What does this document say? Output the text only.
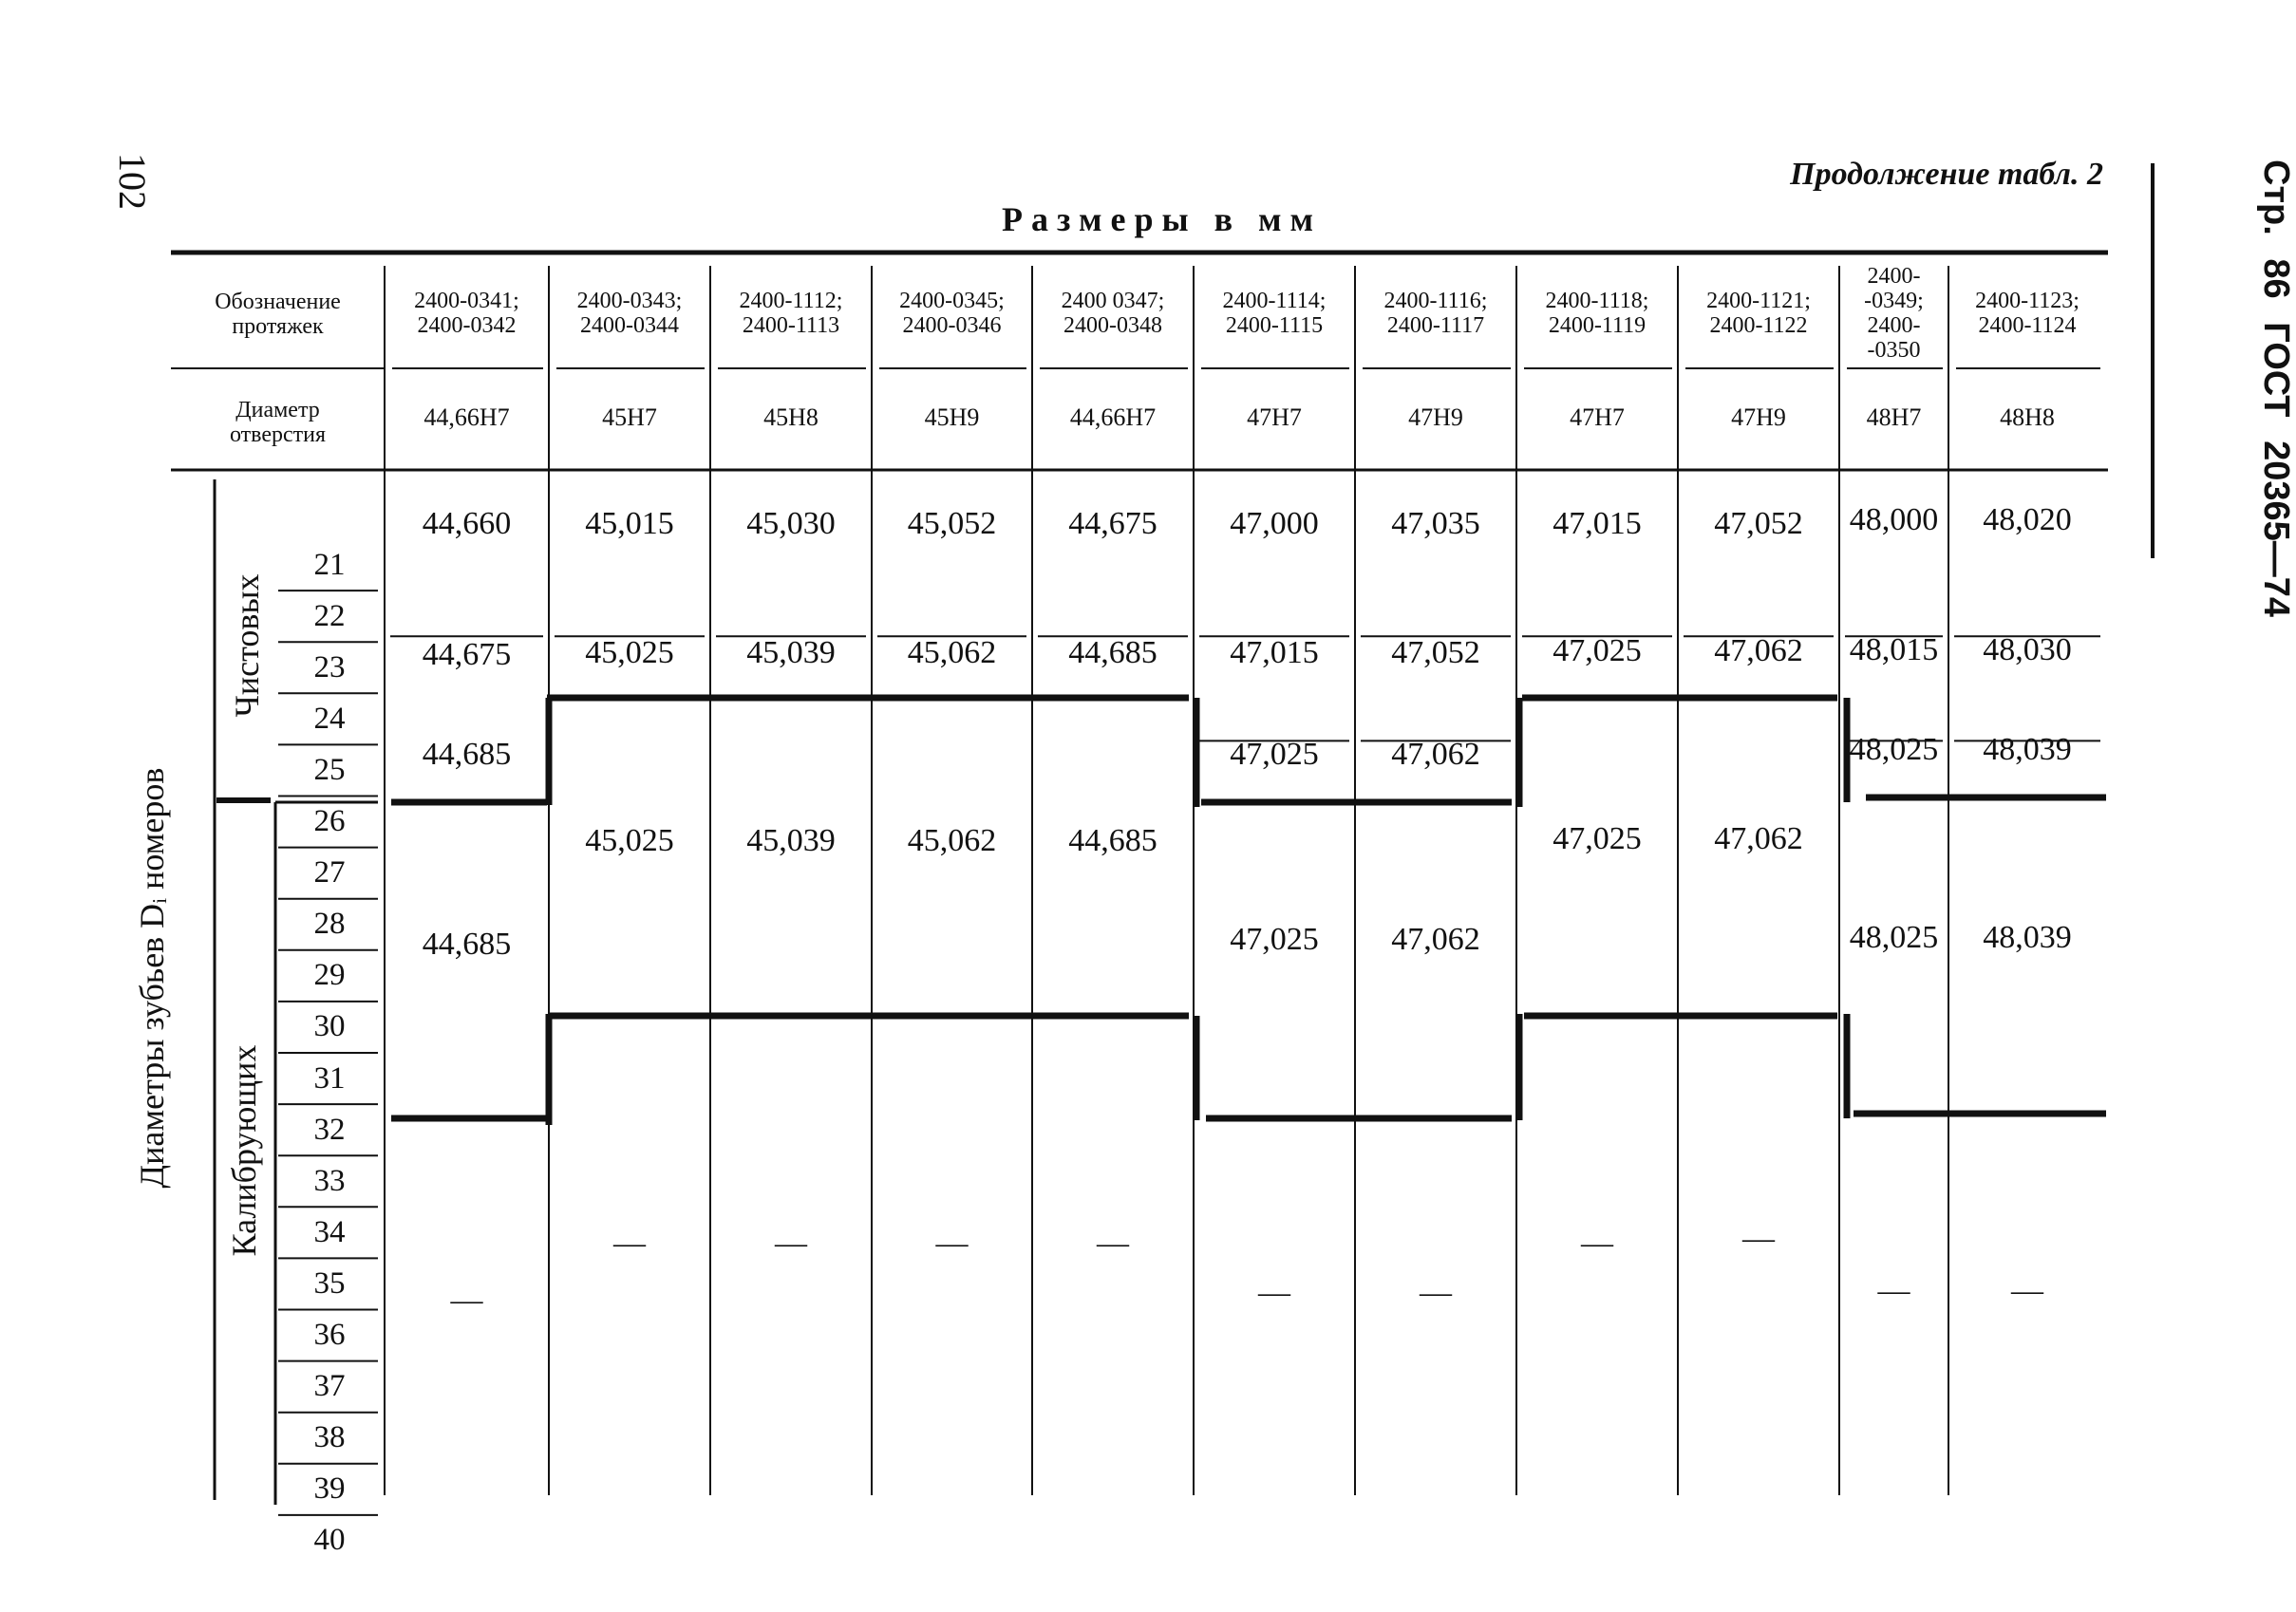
102	Продолжение табл. 2
Размеры в мм	Стр. 86 ГОСТ 20365—74
Обозначение
протяжек
Диаметр
отверстия
2400-0341;
2400-0342
44,66H7
2400-0343;
2400-0344
45H7
2400-1112;
2400-1113
45H8
2400-0345;
2400-0346
45H9
2400 0347;
2400-0348
44,66H7
2400-1114;
2400-1115
47H7
2400-1116;
2400-1117
47H9
2400-1118;
2400-1119
47H7
2400-1121;
2400-1122
47H9
2400-
-0349;
2400-
-0350
48H7
2400-1123;
2400-1124
48H8
Диаметры зубьев Dᵢ номеров
Чистовых
Калибрующих
21
22
23
24
25
26
27
28
29
30
31
32
33
34
35
36
37
38
39
40
44,660
44,675
44,685
44,685
—
45,015
45,025
45,025
—
45,030
45,039
45,039
—
45,052
45,062
45,062
—
44,675
44,685
44,685
—
47,000
47,015
47,025
47,025
—
47,035
47,052
47,062
47,062
—
47,015
47,025
47,025
—
47,052
47,062
47,062
—
48,000
48,015
48,025
48,025
—
48,020
48,030
48,039
48,039
—
